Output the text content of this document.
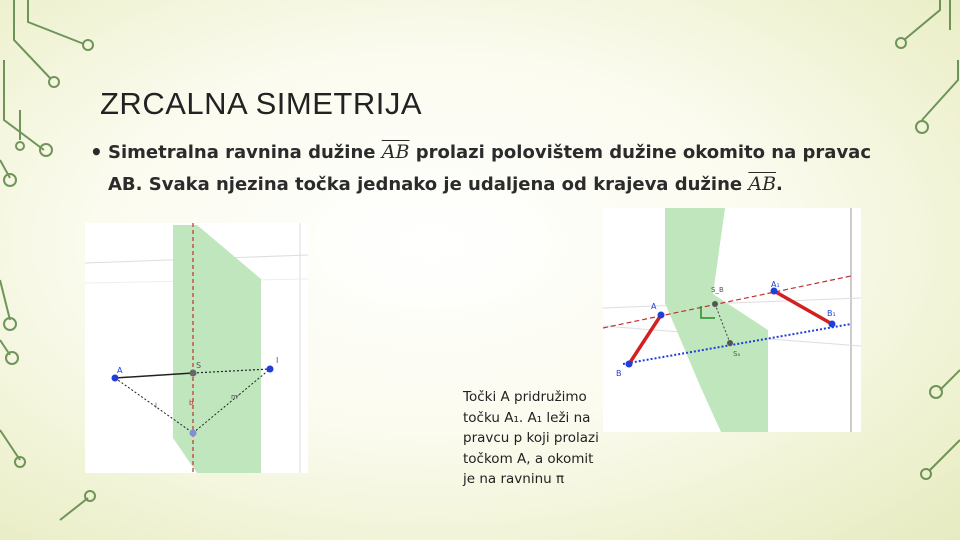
ZRCALNA SIMETRIJA
• Simetralna ravnina dužine $\overline{AB}$ prolazi polovištem dužine okomito na pravac
AB. Svaka njezina točka jednako je udaljena od krajeva dužine $\overline{AB}$.
A
S
I
m'
l	b
A
B
A₁
B₁
S_B
Sₐ
Točki A pridružimo
točku A₁. A₁ leži na
pravcu p koji prolazi
točkom A, a okomit
je na ravninu π
